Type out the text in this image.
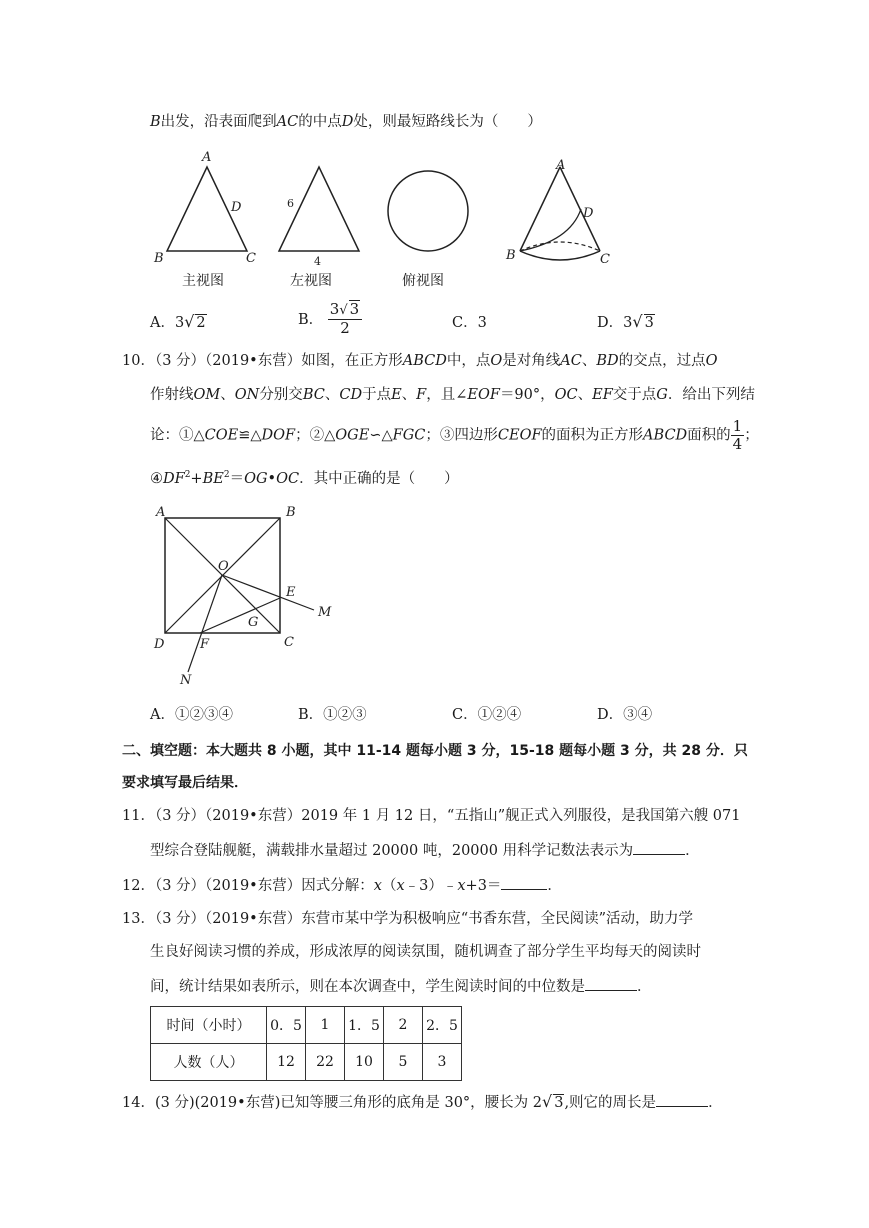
B出发，沿表面爬到AC的中点D处，则最短路线长为（　　）
A
B	C
D	6
4
A
B	C
D
主视图	左视图	俯视图
A．3√ 2	B． $\frac{3√ 3}{2}$	C．3	D．3√ 3
10．（3 分）（2019•东营）如图，在正方形ABCD中，点O是对角线AC、BD的交点，过点O
作射线OM、ON分别交BC、CD于点E、F，且∠EOF＝90°，OC、EF交于点G．给出下列结
论：①△COE≌△DOF；②△OGE∽△FGC；③四边形CEOF的面积为正方形ABCD面积的 $\frac{1}{4}$ ；
$④DF^2+BE^2=OG•OC$．其中正确的是（　　）
A	B
C
D
O
E
F
G
M
N
A．①②③④	B．①②③	C．①②④	D．③④
二、填空题：本大题共 8 小题，其中 11-14 题每小题 3 分，15-18 题每小题 3 分，共 28 分．只
要求填写最后结果．
11．（3 分）（2019•东营）2019 年 1 月 12 日，“五指山”舰正式入列服役，是我国第六艘 071
型综合登陆舰艇，满载排水量超过 20000 吨，20000 用科学记数法表示为	．
12．（3 分）（2019•东营）因式分解：x（x﹣3）﹣x+3＝	．
13．（3 分）（2019•东营）东营市某中学为积极响应“书香东营，全民阅读”活动，助力学
生良好阅读习惯的养成，形成浓厚的阅读氛围，随机调查了部分学生平均每天的阅读时
间，统计结果如表所示，则在本次调查中，学生阅读时间的中位数是	．
时间（小时）	0．5	1	1．5	2	2．5
人数（人）	12	22	10	5	3
14．(3 分)(2019•东营)已知等腰三角形的底角是 30°，腰长为 2√ 3,则它的周长是	．
